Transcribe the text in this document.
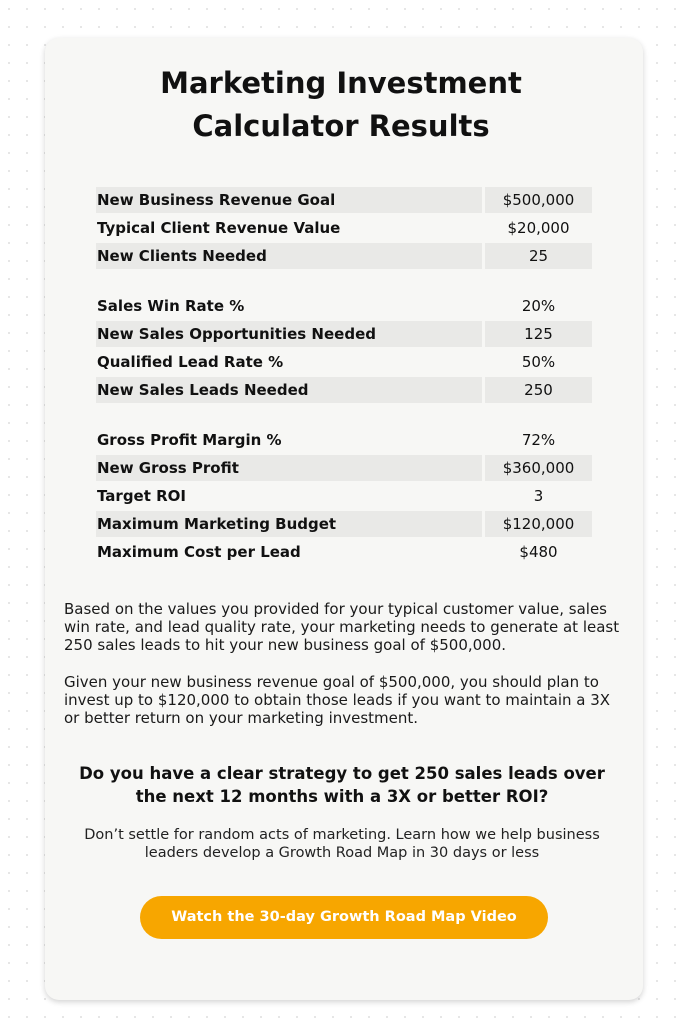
Marketing Investment
Calculator Results
New Business Revenue Goal	$500,000
Typical Client Revenue Value	$20,000
New Clients Needed	25
Sales Win Rate %	20%
New Sales Opportunities Needed	125
Qualified Lead Rate %	50%
New Sales Leads Needed	250
Gross Profit Margin %	72%
New Gross Profit	$360,000
Target ROI	3
Maximum Marketing Budget	$120,000
Maximum Cost per Lead	$480

Based on the values you provided for your typical customer value, sales win rate, and lead quality rate, your marketing needs to generate at least 250 sales leads to hit your new business goal of $500,000.

Given your new business revenue goal of $500,000, you should plan to invest up to $120,000 to obtain those leads if you want to maintain a 3X or better return on your marketing investment.

Do you have a clear strategy to get 250 sales leads over the next 12 months with a 3X or better ROI?

Don’t settle for random acts of marketing. Learn how we help business leaders develop a Growth Road Map in 30 days or less

Watch the 30-day Growth Road Map Video
